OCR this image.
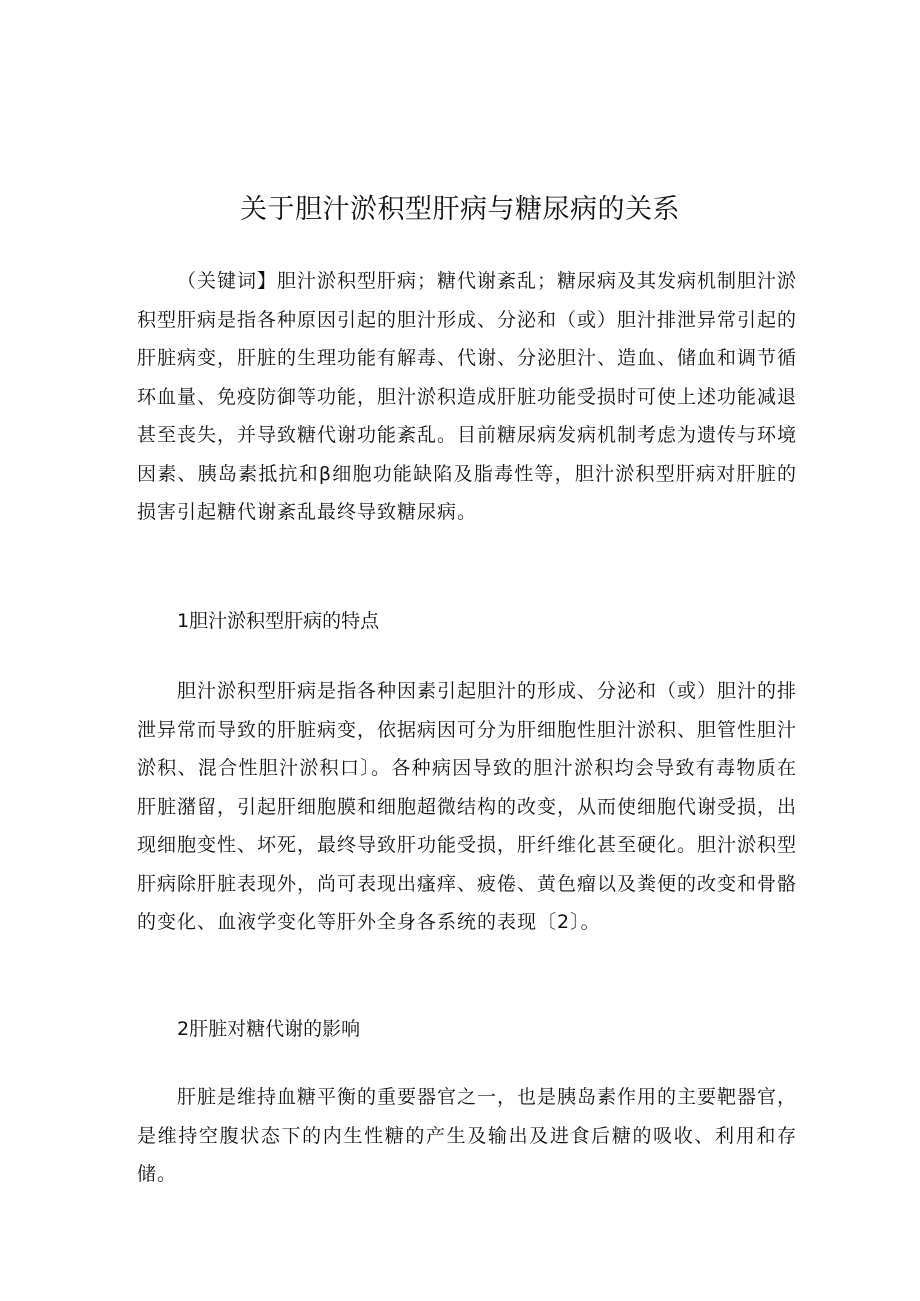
关于胆汁淤积型肝病与糖尿病的关系

（关键词】胆汁淤积型肝病；糖代谢紊乱；糖尿病及其发病机制胆汁淤积型肝病是指各种原因引起的胆汁形成、分泌和（或）胆汁排泄异常引起的肝脏病变，肝脏的生理功能有解毒、代谢、分泌胆汁、造血、储血和调节循环血量、免疫防御等功能，胆汁淤积造成肝脏功能受损时可使上述功能减退甚至丧失，并导致糖代谢功能紊乱。目前糖尿病发病机制考虑为遗传与环境因素、胰岛素抵抗和β细胞功能缺陷及脂毒性等，胆汁淤积型肝病对肝脏的损害引起糖代谢紊乱最终导致糖尿病。

1胆汁淤积型肝病的特点

胆汁淤积型肝病是指各种因素引起胆汁的形成、分泌和（或）胆汁的排泄异常而导致的肝脏病变，依据病因可分为肝细胞性胆汁淤积、胆管性胆汁淤积、混合性胆汁淤积口〕。各种病因导致的胆汁淤积均会导致有毒物质在肝脏潴留，引起肝细胞膜和细胞超微结构的改变，从而使细胞代谢受损，出现细胞变性、坏死，最终导致肝功能受损，肝纤维化甚至硬化。胆汁淤积型肝病除肝脏表现外，尚可表现出瘙痒、疲倦、黄色瘤以及粪便的改变和骨骼的变化、血液学变化等肝外全身各系统的表现〔2〕。

2肝脏对糖代谢的影响

肝脏是维持血糖平衡的重要器官之一，也是胰岛素作用的主要靶器官，是维持空腹状态下的内生性糖的产生及输出及进食后糖的吸收、利用和存储。
